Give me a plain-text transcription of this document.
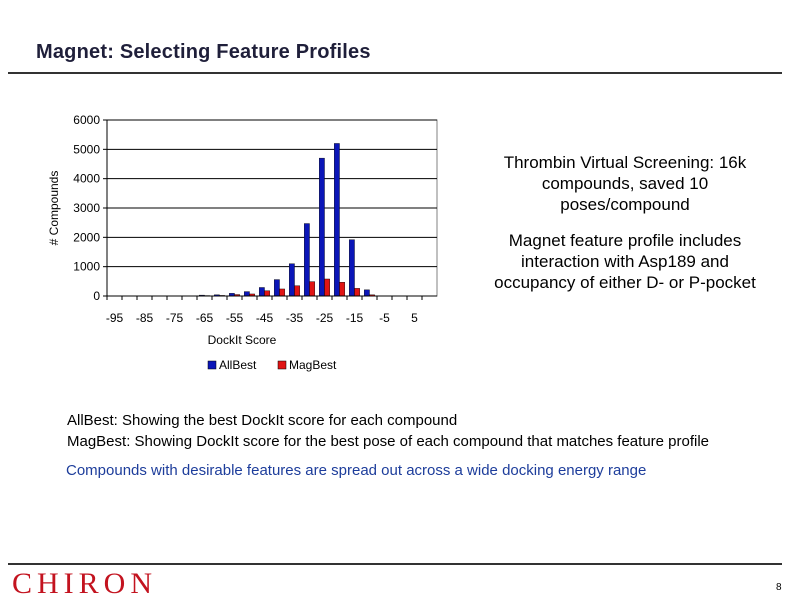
Magnet: Selecting Feature Profiles
0
1000
2000
3000
4000
5000
6000
-95 -85 -75 -65 -55 -45 -35 -25 -15 -5 5
DockIt Score
# Compounds
AllBest	MagBest
Thrombin Virtual Screening: 16k compounds, saved 10 poses/compound
Magnet feature profile includes interaction with Asp189 and occupancy of either D- or P-pocket
AllBest: Showing the best DockIt score for each compound
MagBest: Showing DockIt score for the best pose of each compound that matches feature profile
Compounds with desirable features are spread out across a wide docking energy range
CHIRON	8
